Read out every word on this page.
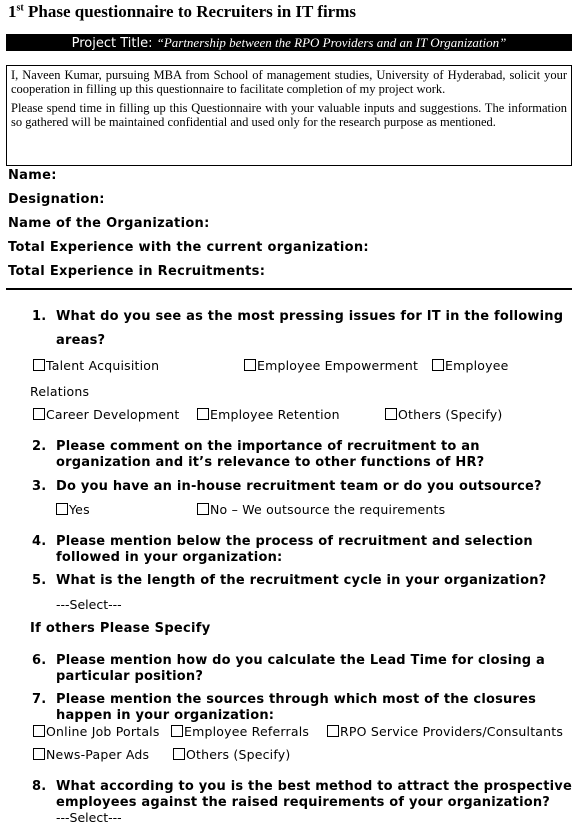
1st Phase questionnaire to Recruiters in IT firms
Project Title: “Partnership between the RPO Providers and an IT Organization”

I, Naveen Kumar, pursuing MBA from School of management studies, University of Hyderabad, solicit your cooperation in filling up this questionnaire to facilitate completion of my project work.

Please spend time in filling up this Questionnaire with your valuable inputs and suggestions. The information so gathered will be maintained confidential and used only for the research purpose as mentioned.

Name:
Designation:
Name of the Organization:
Total Experience with the current organization:
Total Experience in Recruitments:
1. What do you see as the most pressing issues for IT in the following
areas?
Talent Acquisition	Employee Empowerment	Employee
Relations
Career Development	Employee Retention	Others (Specify)
2. Please comment on the importance of recruitment to an organization and it’s relevance to other functions of HR?
3. Do you have an in-house recruitment team or do you outsource?
Yes	No – We outsource the requirements
4. Please mention below the process of recruitment and selection followed in your organization:
5. What is the length of the recruitment cycle in your organization?
---Select---
If others Please Specify
6. Please mention how do you calculate the Lead Time for closing a particular position?
7. Please mention the sources through which most of the closures happen in your organization:
Online Job Portals	Employee Referrals	RPO Service Providers/Consultants
News-Paper Ads	Others (Specify)
8. What according to you is the best method to attract the prospective employees against the raised requirements of your organization?
---Select---
